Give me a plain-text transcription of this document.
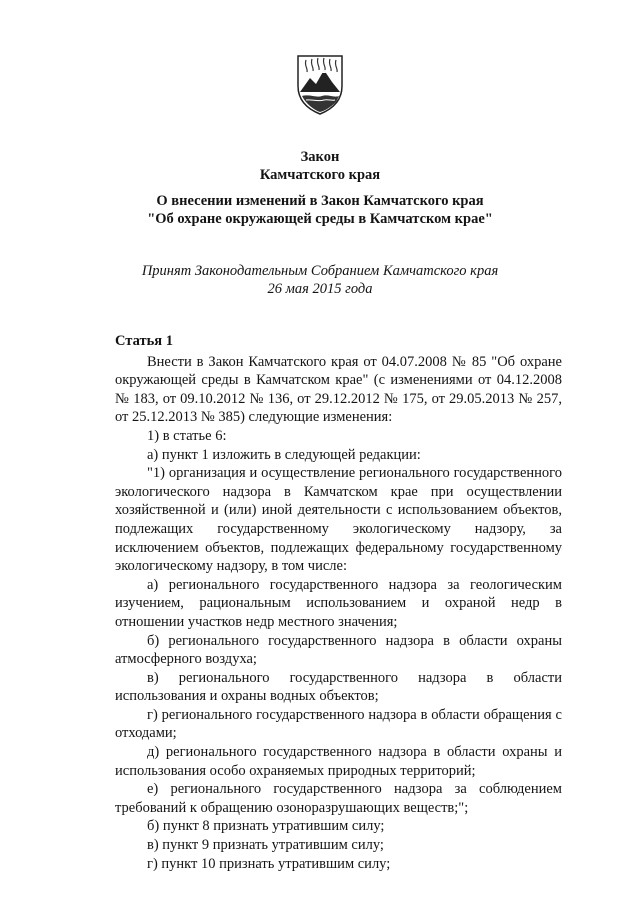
Закон
Камчатского края
О внесении изменений в Закон Камчатского края
"Об охране окружающей среды в Камчатском крае"
Принят Законодательным Собранием Камчатского края
26 мая 2015 года
Статья 1

Внести в Закон Камчатского края от 04.07.2008 № 85 "Об охране окружающей среды в Камчатском крае" (с изменениями от 04.12.2008 № 183, от 09.10.2012 № 136, от 29.12.2012 № 175, от 29.05.2013 № 257, от 25.12.2013 № 385) следующие изменения:

1) в статье 6:

а) пункт 1 изложить в следующей редакции:

"1) организация и осуществление регионального государственного экологического надзора в Камчатском крае при осуществлении хозяйственной и (или) иной деятельности с использованием объектов, подлежащих государственному экологическому надзору, за исключением объектов, подлежащих федеральному государственному экологическому надзору, в том числе:

а) регионального государственного надзора за геологическим изучением, рациональным использованием и охраной недр в отношении участков недр местного значения;

б) регионального государственного надзора в области охраны атмосферного воздуха;

в) регионального государственного надзора в области использования и охраны водных объектов;

г) регионального государственного надзора в области обращения с отходами;

д) регионального государственного надзора в области охраны и использования особо охраняемых природных территорий;

е) регионального государственного надзора за соблюдением требований к обращению озоноразрушающих веществ;";

б) пункт 8 признать утратившим силу;

в) пункт 9 признать утратившим силу;

г) пункт 10 признать утратившим силу;
